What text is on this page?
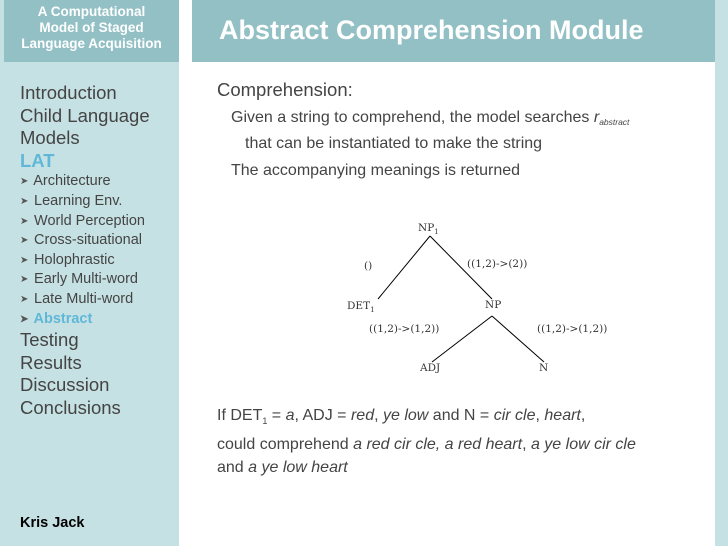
A Computational
Model of Staged
Language Acquisition
Introduction
Child Language
Models
LAT
➤ Architecture
➤ Learning Env.
➤ World Perception
➤ Cross-situational
➤ Holophrastic
➤ Early Multi-word
➤ Late Multi-word
➤ Abstract
Testing
Results
Discussion
Conclusions
Kris Jack
Abstract Comprehension Module
Comprehension:
Given a string to comprehend, the model searches rabstract
that can be instantiated to make the string
The accompanying meanings is returned
$NP_1$
()	((1,2)->(2))
$DET_1$	NP
((1,2)->(1,2))	((1,2)->(1,2))
ADJ	N
If $DET_1 = a$, ADJ = red, ye low and N = cir cle, heart,
could comprehend a red cir cle, a red heart, a ye low cir cle
and a ye low heart
